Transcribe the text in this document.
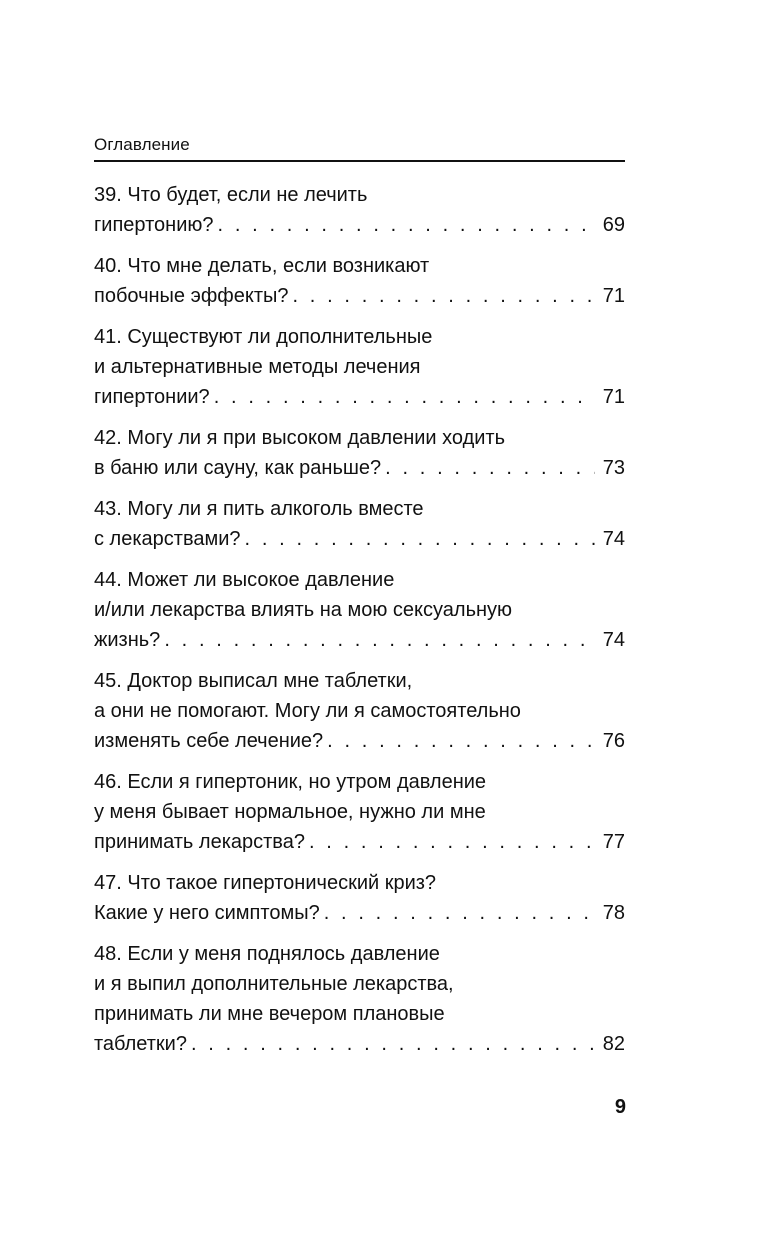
Оглавление
39. Что будет, если не лечить
гипертонию? . . .	69
40. Что мне делать, если возникают
побочные эффекты? . . .	71
41. Существуют ли дополнительные
и альтернативные методы лечения
гипертонии? . . .	71
42. Могу ли я при высоком давлении ходить
в баню или сауну, как раньше? . . .	73
43. Могу ли я пить алкоголь вместе
с лекарствами? . . .	74
44. Может ли высокое давление
и/или лекарства влиять на мою сексуальную
жизнь? . . .	74
45. Доктор выписал мне таблетки,
а они не помогают. Могу ли я самостоятельно
изменять себе лечение? . . .	76
46. Если я гипертоник, но утром давление
у меня бывает нормальное, нужно ли мне
принимать лекарства? . . .	77
47. Что такое гипертонический криз?
Какие у него симптомы? . . .	78
48. Если у меня поднялось давление
и я выпил дополнительные лекарства,
принимать ли мне вечером плановые
таблетки? . . .	82
9
